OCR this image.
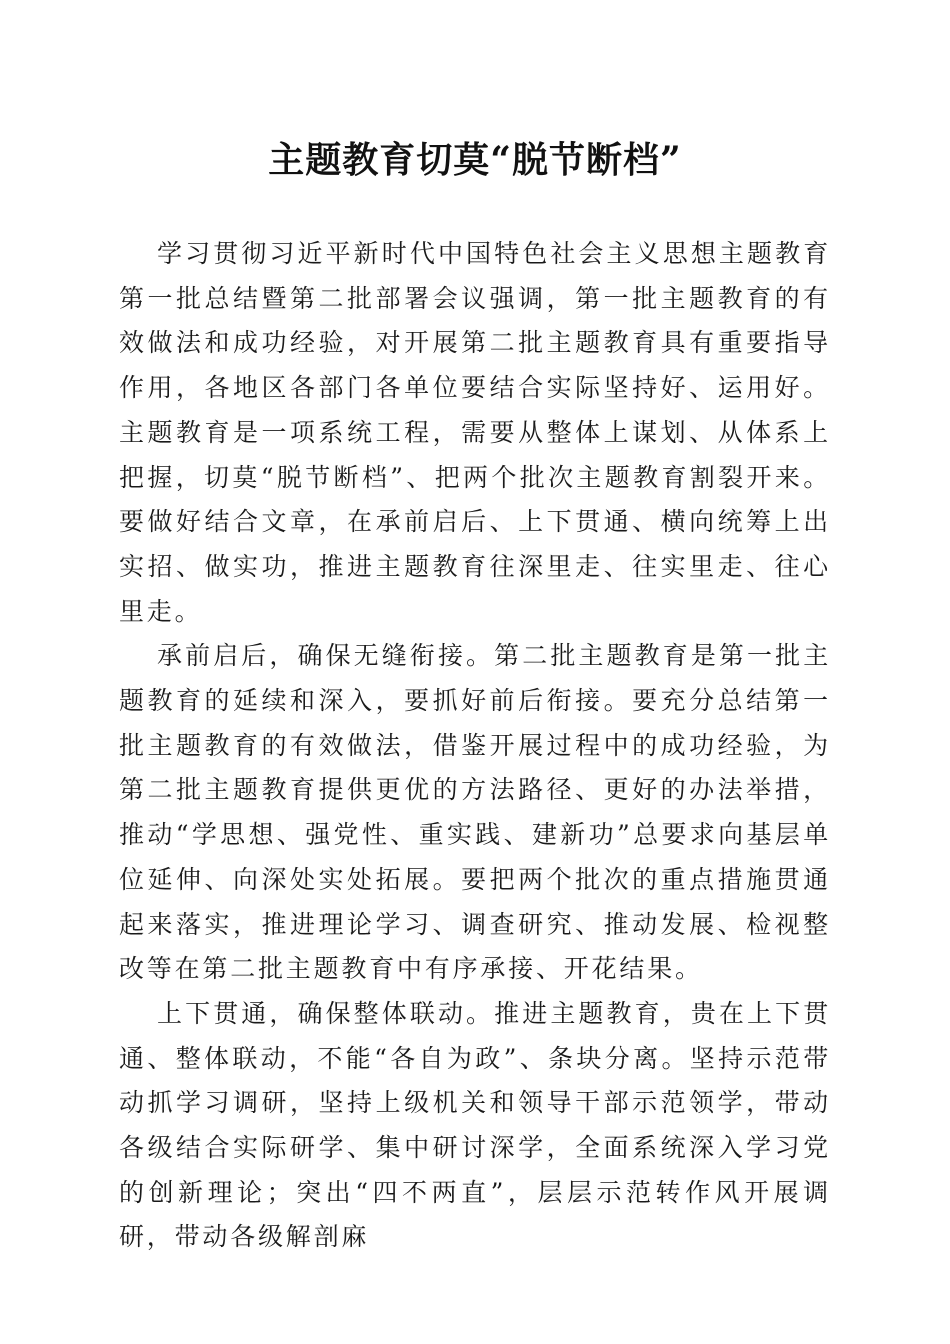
主题教育切莫“脱节断档”

学习贯彻习近平新时代中国特色社会主义思想主题教育第一批总结暨第二批部署会议强调，第一批主题教育的有效做法和成功经验，对开展第二批主题教育具有重要指导作用，各地区各部门各单位要结合实际坚持好、运用好。主题教育是一项系统工程，需要从整体上谋划、从体系上把握，切莫“脱节断档”、把两个批次主题教育割裂开来。要做好结合文章，在承前启后、上下贯通、横向统筹上出实招、做实功，推进主题教育往深里走、往实里走、往心里走。

承前启后，确保无缝衔接。第二批主题教育是第一批主题教育的延续和深入，要抓好前后衔接。要充分总结第一批主题教育的有效做法，借鉴开展过程中的成功经验，为第二批主题教育提供更优的方法路径、更好的办法举措，推动“学思想、强党性、重实践、建新功”总要求向基层单位延伸、向深处实处拓展。要把两个批次的重点措施贯通起来落实，推进理论学习、调查研究、推动发展、检视整改等在第二批主题教育中有序承接、开花结果。

上下贯通，确保整体联动。推进主题教育，贵在上下贯通、整体联动，不能“各自为政”、条块分离。坚持示范带动抓学习调研，坚持上级机关和领导干部示范领学，带动各级结合实际研学、集中研讨深学，全面系统深入学习党的创新理论；突出“四不两直”，层层示范转作风开展调研，带动各级解剖麻
